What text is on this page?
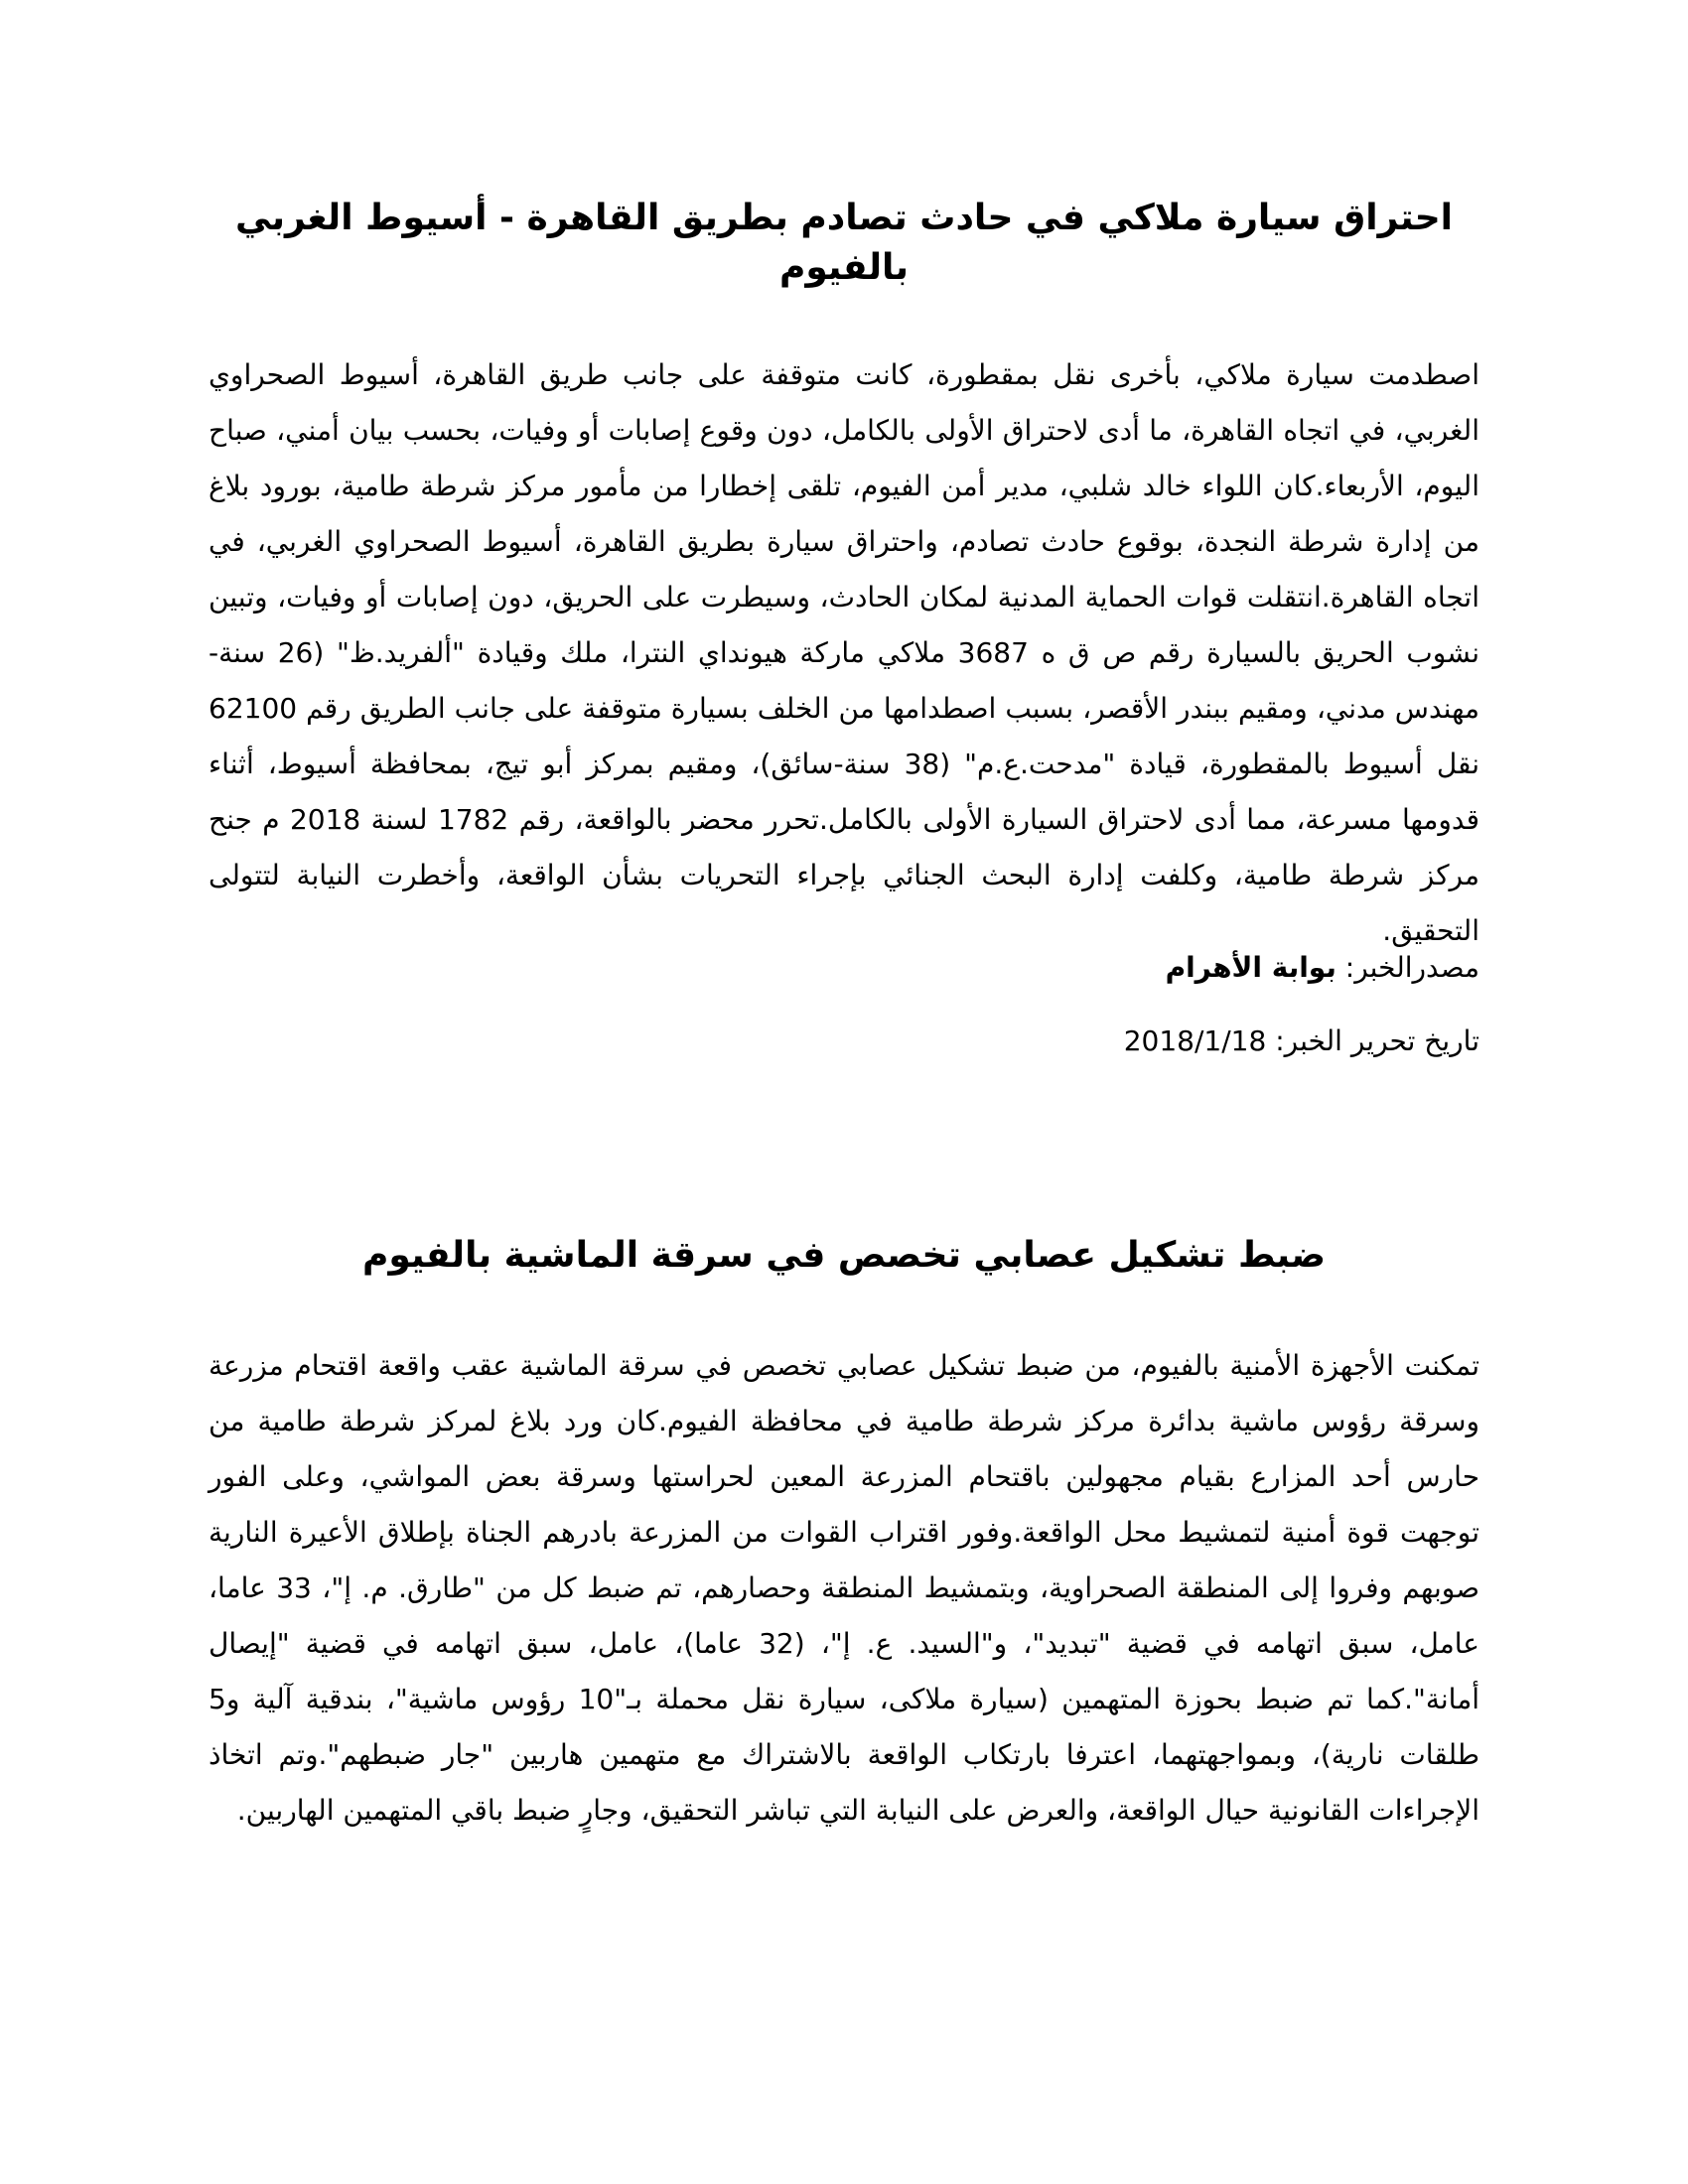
احتراق سيارة ملاكي في حادث تصادم بطريق القاهرة - أسيوط الغربي بالفيوم

اصطدمت سيارة ملاكي، بأخرى نقل بمقطورة، كانت متوقفة على جانب طريق القاهرة، أسيوط الصحراوي الغربي، في اتجاه القاهرة، ما أدى لاحتراق الأولى بالكامل، دون وقوع إصابات أو وفيات، بحسب بيان أمني، صباح اليوم، الأربعاء.كان اللواء خالد شلبي، مدير أمن الفيوم، تلقى إخطارا من مأمور مركز شرطة طامية، بورود بلاغ من إدارة شرطة النجدة، بوقوع حادث تصادم، واحتراق سيارة بطريق القاهرة، أسيوط الصحراوي الغربي، في اتجاه القاهرة.انتقلت قوات الحماية المدنية لمكان الحادث، وسيطرت على الحريق، دون إصابات أو وفيات، وتبين نشوب الحريق بالسيارة رقم ص ق ه 3687 ملاكي ماركة هيونداي النترا، ملك وقيادة "ألفريد.ظ" (26 سنة-مهندس مدني، ومقيم ببندر الأقصر، بسبب اصطدامها من الخلف بسيارة متوقفة على جانب الطريق رقم 62100 نقل أسيوط بالمقطورة، قيادة "مدحت.ع.م" (38 سنة-سائق)، ومقيم بمركز أبو تيج، بمحافظة أسيوط، أثناء قدومها مسرعة، مما أدى لاحتراق السيارة الأولى بالكامل.تحرر محضر بالواقعة، رقم 1782 لسنة 2018 م جنح مركز شرطة طامية، وكلفت إدارة البحث الجنائي بإجراء التحريات بشأن الواقعة، وأخطرت النيابة لتتولى التحقيق.

مصدرالخبر: بوابة الأهرام

تاريخ تحرير الخبر: 2018/1/18

ضبط تشكيل عصابي تخصص في سرقة الماشية بالفيوم

تمكنت الأجهزة الأمنية بالفيوم، من ضبط تشكيل عصابي تخصص في سرقة الماشية عقب واقعة اقتحام مزرعة وسرقة رؤوس ماشية بدائرة مركز شرطة طامية في محافظة الفيوم.كان ورد بلاغ لمركز شرطة طامية من حارس أحد المزارع بقيام مجهولين باقتحام المزرعة المعين لحراستها وسرقة بعض المواشي، وعلى الفور توجهت قوة أمنية لتمشيط محل الواقعة.وفور اقتراب القوات من المزرعة بادرهم الجناة بإطلاق الأعيرة النارية صوبهم وفروا إلى المنطقة الصحراوية، وبتمشيط المنطقة وحصارهم، تم ضبط كل من "طارق. م. إ"، 33 عاما، عامل، سبق اتهامه في قضية "تبديد"، و"السيد. ع. إ"، (32 عاما)، عامل، سبق اتهامه في قضية "إيصال أمانة".كما تم ضبط بحوزة المتهمين (سيارة ملاكى، سيارة نقل محملة بـ"10 رؤوس ماشية"، بندقية آلية و5 طلقات نارية)، وبمواجهتهما، اعترفا بارتكاب الواقعة بالاشتراك مع متهمين هاربين "جار ضبطهم".وتم اتخاذ الإجراءات القانونية حيال الواقعة، والعرض على النيابة التي تباشر التحقيق، وجارٍ ضبط باقي المتهمين الهاربين.
